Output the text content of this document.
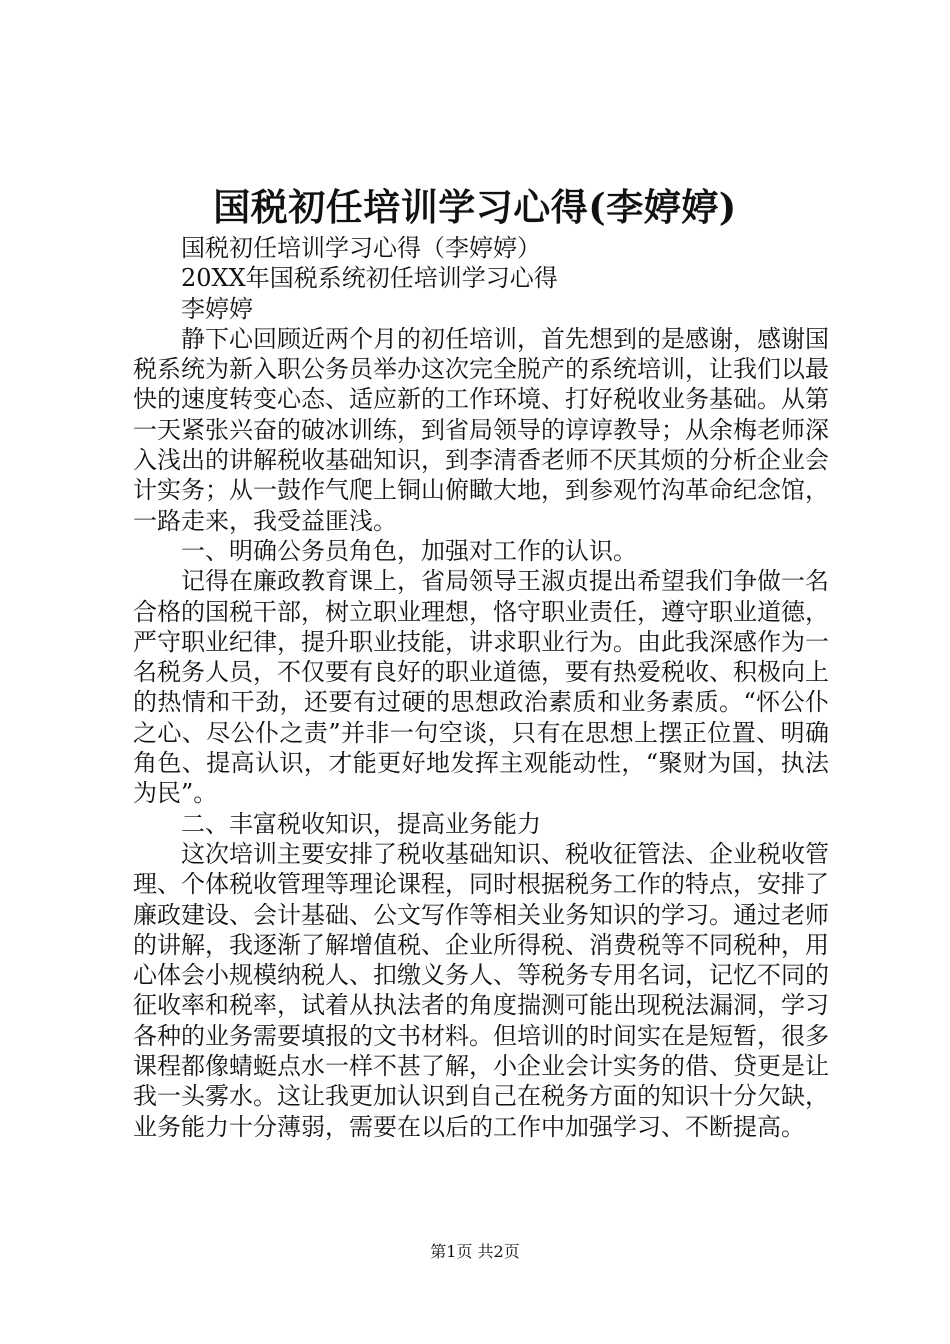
国税初任培训学习心得(李婷婷)

国税初任培训学习心得（李婷婷）

20XX年国税系统初任培训学习心得

李婷婷

静下心回顾近两个月的初任培训，首先想到的是感谢，感谢国税系统为新入职公务员举办这次完全脱产的系统培训，让我们以最快的速度转变心态、适应新的工作环境、打好税收业务基础。从第一天紧张兴奋的破冰训练，到省局领导的谆谆教导；从余梅老师深入浅出的讲解税收基础知识，到李清香老师不厌其烦的分析企业会计实务；从一鼓作气爬上铜山俯瞰大地，到参观竹沟革命纪念馆，一路走来，我受益匪浅。

一、明确公务员角色，加强对工作的认识。

记得在廉政教育课上，省局领导王淑贞提出希望我们争做一名合格的国税干部，树立职业理想，恪守职业责任，遵守职业道德，严守职业纪律，提升职业技能，讲求职业行为。由此我深感作为一名税务人员，不仅要有良好的职业道德，要有热爱税收、积极向上的热情和干劲，还要有过硬的思想政治素质和业务素质。“怀公仆之心、尽公仆之责”并非一句空谈，只有在思想上摆正位置、明确角色、提高认识，才能更好地发挥主观能动性，“聚财为国，执法为民”。

二、丰富税收知识，提高业务能力

这次培训主要安排了税收基础知识、税收征管法、企业税收管理、个体税收管理等理论课程，同时根据税务工作的特点，安排了廉政建设、会计基础、公文写作等相关业务知识的学习。通过老师的讲解，我逐渐了解增值税、企业所得税、消费税等不同税种，用心体会小规模纳税人、扣缴义务人、等税务专用名词，记忆不同的征收率和税率，试着从执法者的角度揣测可能出现税法漏洞，学习各种的业务需要填报的文书材料。但培训的时间实在是短暂，很多课程都像蜻蜓点水一样不甚了解，小企业会计实务的借、贷更是让我一头雾水。这让我更加认识到自己在税务方面的知识十分欠缺，业务能力十分薄弱，需要在以后的工作中加强学习、不断提高。

第1页 共2页
